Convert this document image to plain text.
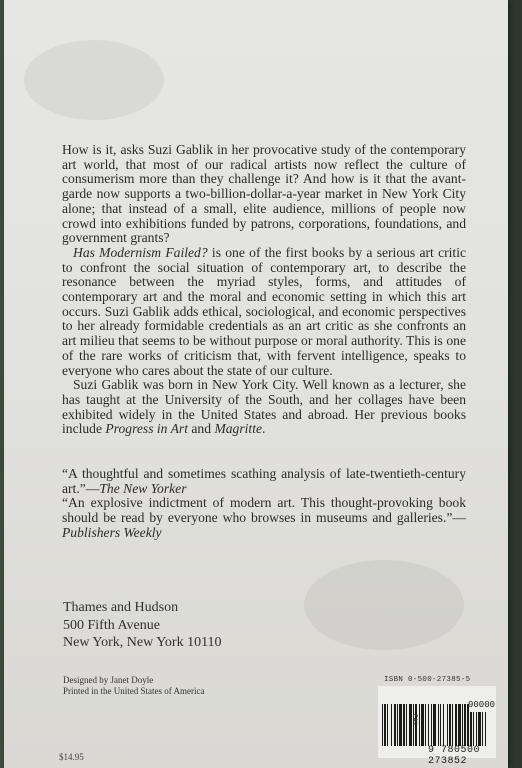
How is it, asks Suzi Gablik in her provocative study of the contemporary art world, that most of our radical artists now reflect the culture of consumerism more than they challenge it? And how is it that the avant-garde now supports a two-billion-dollar-a-year market in New York City alone; that instead of a small, elite audience, millions of people now crowd into exhibitions funded by patrons, corporations, foundations, and government grants?

Has Modernism Failed? is one of the first books by a serious art critic to confront the social situation of contemporary art, to describe the resonance between the myriad styles, forms, and attitudes of contemporary art and the moral and economic setting in which this art occurs. Suzi Gablik adds ethical, sociological, and economic perspectives to her already formidable credentials as an art critic as she confronts an art milieu that seems to be without purpose or moral authority. This is one of the rare works of criticism that, with fervent intelligence, speaks to everyone who cares about the state of our culture.

Suzi Gablik was born in New York City. Well known as a lecturer, she has taught at the University of the South, and her collages have been exhibited widely in the United States and abroad. Her previous books include Progress in Art and Magritte.

“A thoughtful and sometimes scathing analysis of late-twentieth-century art.”—The New Yorker

“An explosive indictment of modern art. This thought-provoking book should be read by everyone who browses in museums and galleries.”—Publishers Weekly

Thames and Hudson
500 Fifth Avenue
New York, New York 10110
Designed by Janet Doyle
Printed in the United States of America
ISBN 0-500-27385-5
EAN
90000
9 780500 273852
$14.95
